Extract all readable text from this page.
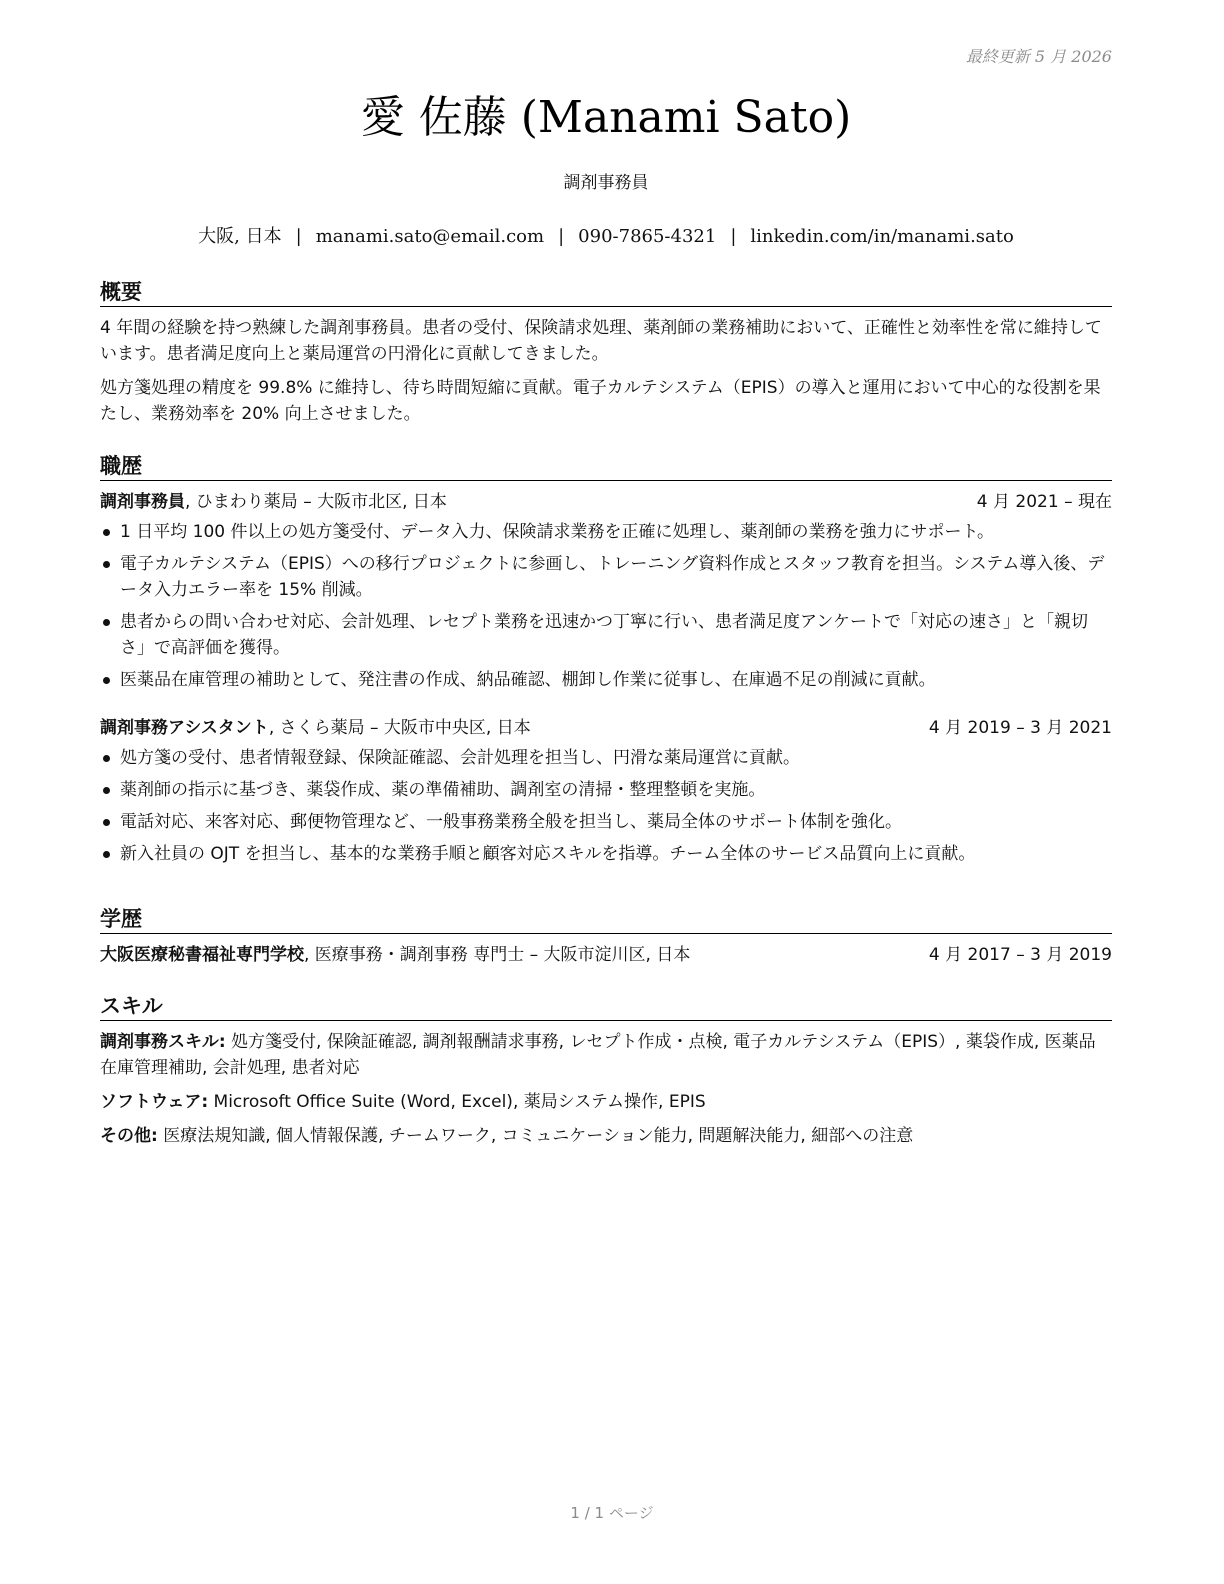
最終更新 5 月 2026
愛 佐藤 (Manami Sato)
調剤事務員
大阪, 日本 | manami.sato@email.com | 090-7865-4321 | linkedin.com/in/manami.sato
概要

4 年間の経験を持つ熟練した調剤事務員。患者の受付、保険請求処理、薬剤師の業務補助において、正確性と効率性を常に維持しています。患者満足度向上と薬局運営の円滑化に貢献してきました。

処方箋処理の精度を 99.8% に維持し、待ち時間短縮に貢献。電子カルテシステム（EPIS）の導入と運用において中心的な役割を果たし、業務効率を 20% 向上させました。

職歴
調剤事務員, ひまわり薬局 – 大阪市北区, 日本	4 月 2021 – 現在
1 日平均 100 件以上の処方箋受付、データ入力、保険請求業務を正確に処理し、薬剤師の業務を強力にサポート。
電子カルテシステム（EPIS）への移行プロジェクトに参画し、トレーニング資料作成とスタッフ教育を担当。システム導入後、データ入力エラー率を 15% 削減。
患者からの問い合わせ対応、会計処理、レセプト業務を迅速かつ丁寧に行い、患者満足度アンケートで「対応の速さ」と「親切さ」で高評価を獲得。
医薬品在庫管理の補助として、発注書の作成、納品確認、棚卸し作業に従事し、在庫過不足の削減に貢献。
調剤事務アシスタント, さくら薬局 – 大阪市中央区, 日本	4 月 2019 – 3 月 2021
処方箋の受付、患者情報登録、保険証確認、会計処理を担当し、円滑な薬局運営に貢献。
薬剤師の指示に基づき、薬袋作成、薬の準備補助、調剤室の清掃・整理整頓を実施。
電話対応、来客対応、郵便物管理など、一般事務業務全般を担当し、薬局全体のサポート体制を強化。
新入社員の OJT を担当し、基本的な業務手順と顧客対応スキルを指導。チーム全体のサービス品質向上に貢献。
学歴
大阪医療秘書福祉専門学校, 医療事務・調剤事務 専門士 – 大阪市淀川区, 日本	4 月 2017 – 3 月 2019
スキル
調剤事務スキル: 処方箋受付, 保険証確認, 調剤報酬請求事務, レセプト作成・点検, 電子カルテシステム（EPIS）, 薬袋作成, 医薬品在庫管理補助, 会計処理, 患者対応
ソフトウェア: Microsoft Office Suite (Word, Excel), 薬局システム操作, EPIS
その他: 医療法規知識, 個人情報保護, チームワーク, コミュニケーション能力, 問題解決能力, 細部への注意
1 / 1 ページ
